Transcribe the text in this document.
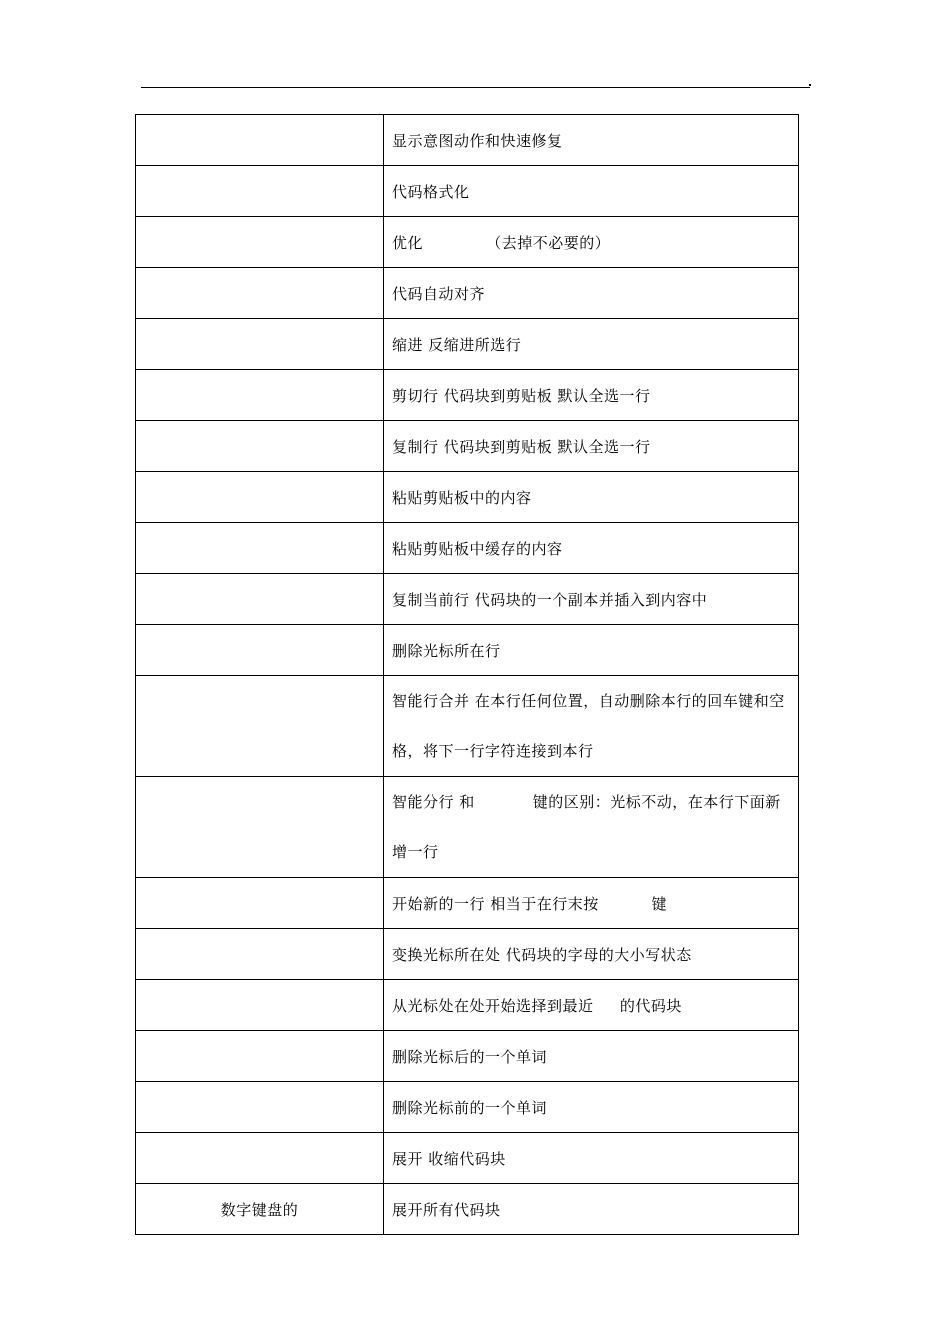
	显示意图动作和快速修复
	代码格式化
	优化            （去掉不必要的）
	代码自动对齐
	缩进 反缩进所选行
	剪切行 代码块到剪贴板 默认全选一行
	复制行 代码块到剪贴板 默认全选一行
	粘贴剪贴板中的内容
	粘贴剪贴板中缓存的内容
	复制当前行 代码块的一个副本并插入到内容中
	删除光标所在行
	智能行合并 在本行任何位置，自动删除本行的回车键和空格，将下一行字符连接到本行
	智能分行 和           键的区别：光标不动，在本行下面新增一行
	开始新的一行 相当于在行末按          键
	变换光标所在处 代码块的字母的大小写状态
	从光标处在处开始选择到最近     的代码块
	删除光标后的一个单词
	删除光标前的一个单词
	展开 收缩代码块
数字键盘的	展开所有代码块
